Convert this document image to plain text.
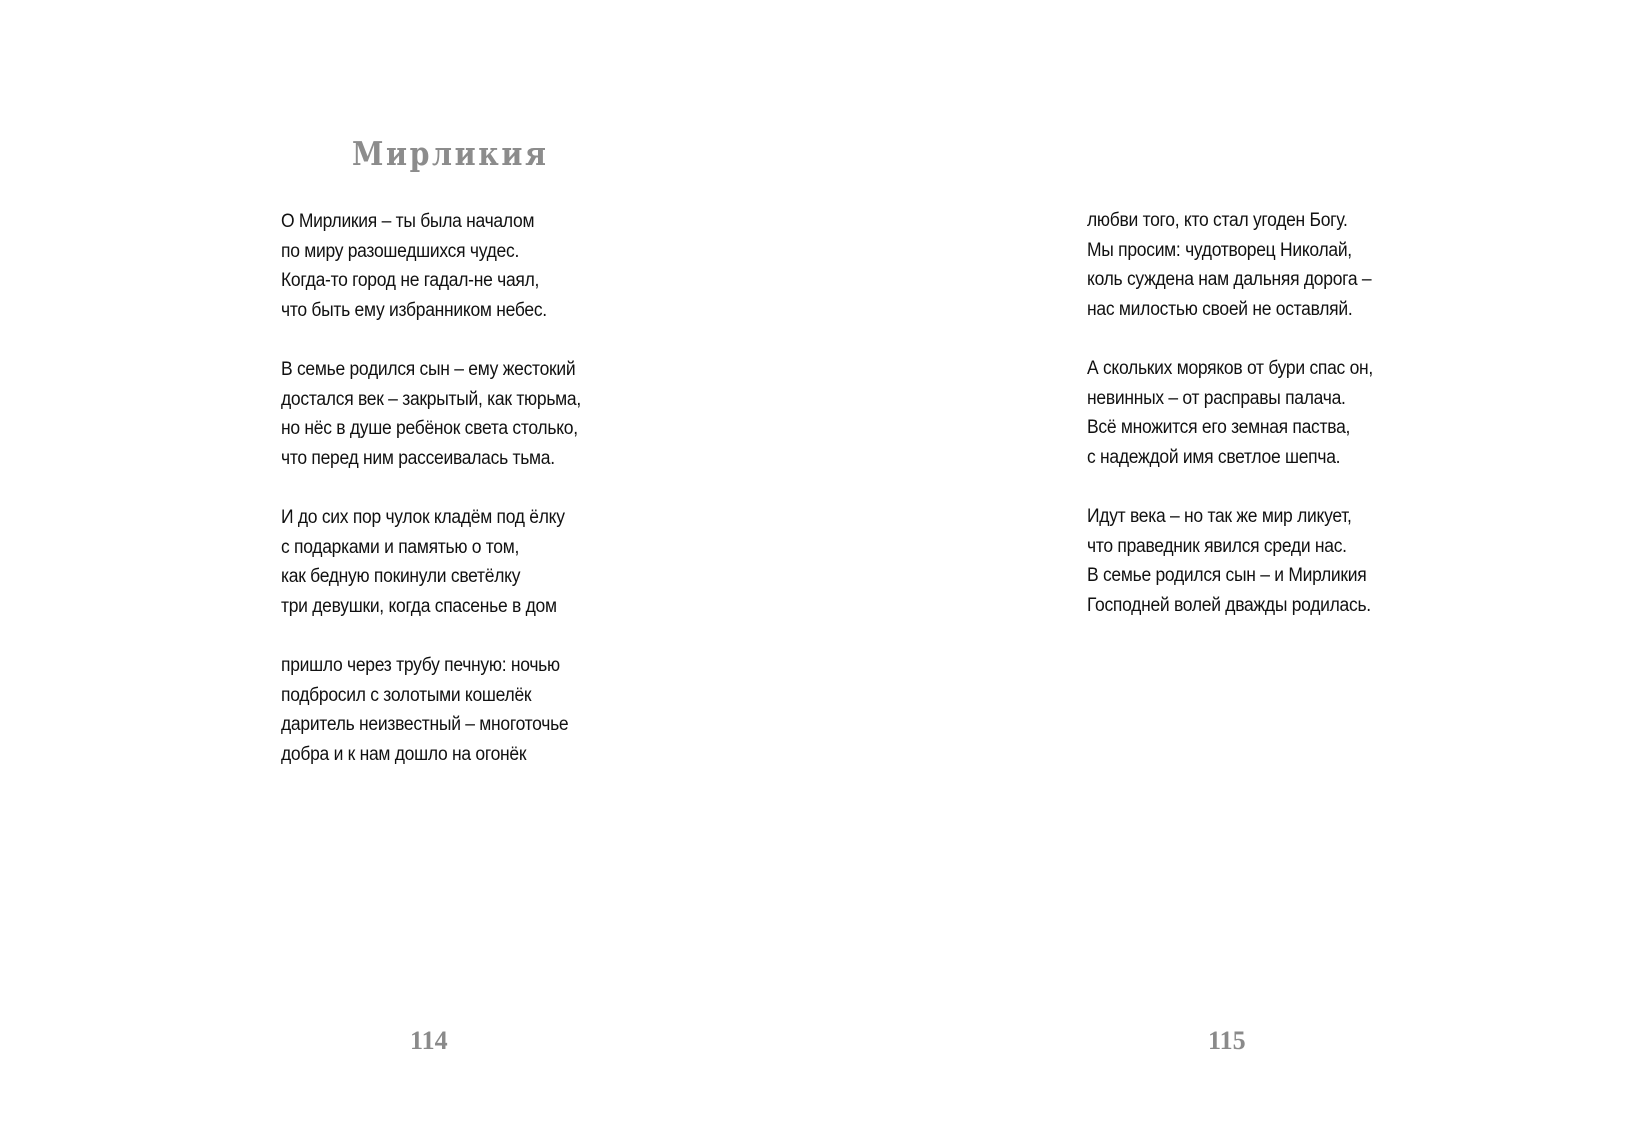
Мирликия
О Мирликия – ты была началом
по миру разошедшихся чудес.
Когда-то город не гадал-не чаял,
что быть ему избранником небес.
В семье родился сын – ему жестокий
достался век – закрытый, как тюрьма,
но нёс в душе ребёнок света столько,
что перед ним рассеивалась тьма.
И до сих пор чулок кладём под ёлку
с подарками и памятью о том,
как бедную покинули светёлку
три девушки, когда спасенье в дом
пришло через трубу печную: ночью
подбросил с золотыми кошелёк
даритель неизвестный – многоточье
добра и к нам дошло на огонёк
114
любви того, кто стал угоден Богу.
Мы просим: чудотворец Николай,
коль суждена нам дальняя дорога –
нас милостью своей не оставляй.
А скольких моряков от бури спас он,
невинных – от расправы палача.
Всё множится его земная паства,
с надеждой имя светлое шепча.
Идут века – но так же мир ликует,
что праведник явился среди нас.
В семье родился сын – и Мирликия
Господней волей дважды родилась.
115
